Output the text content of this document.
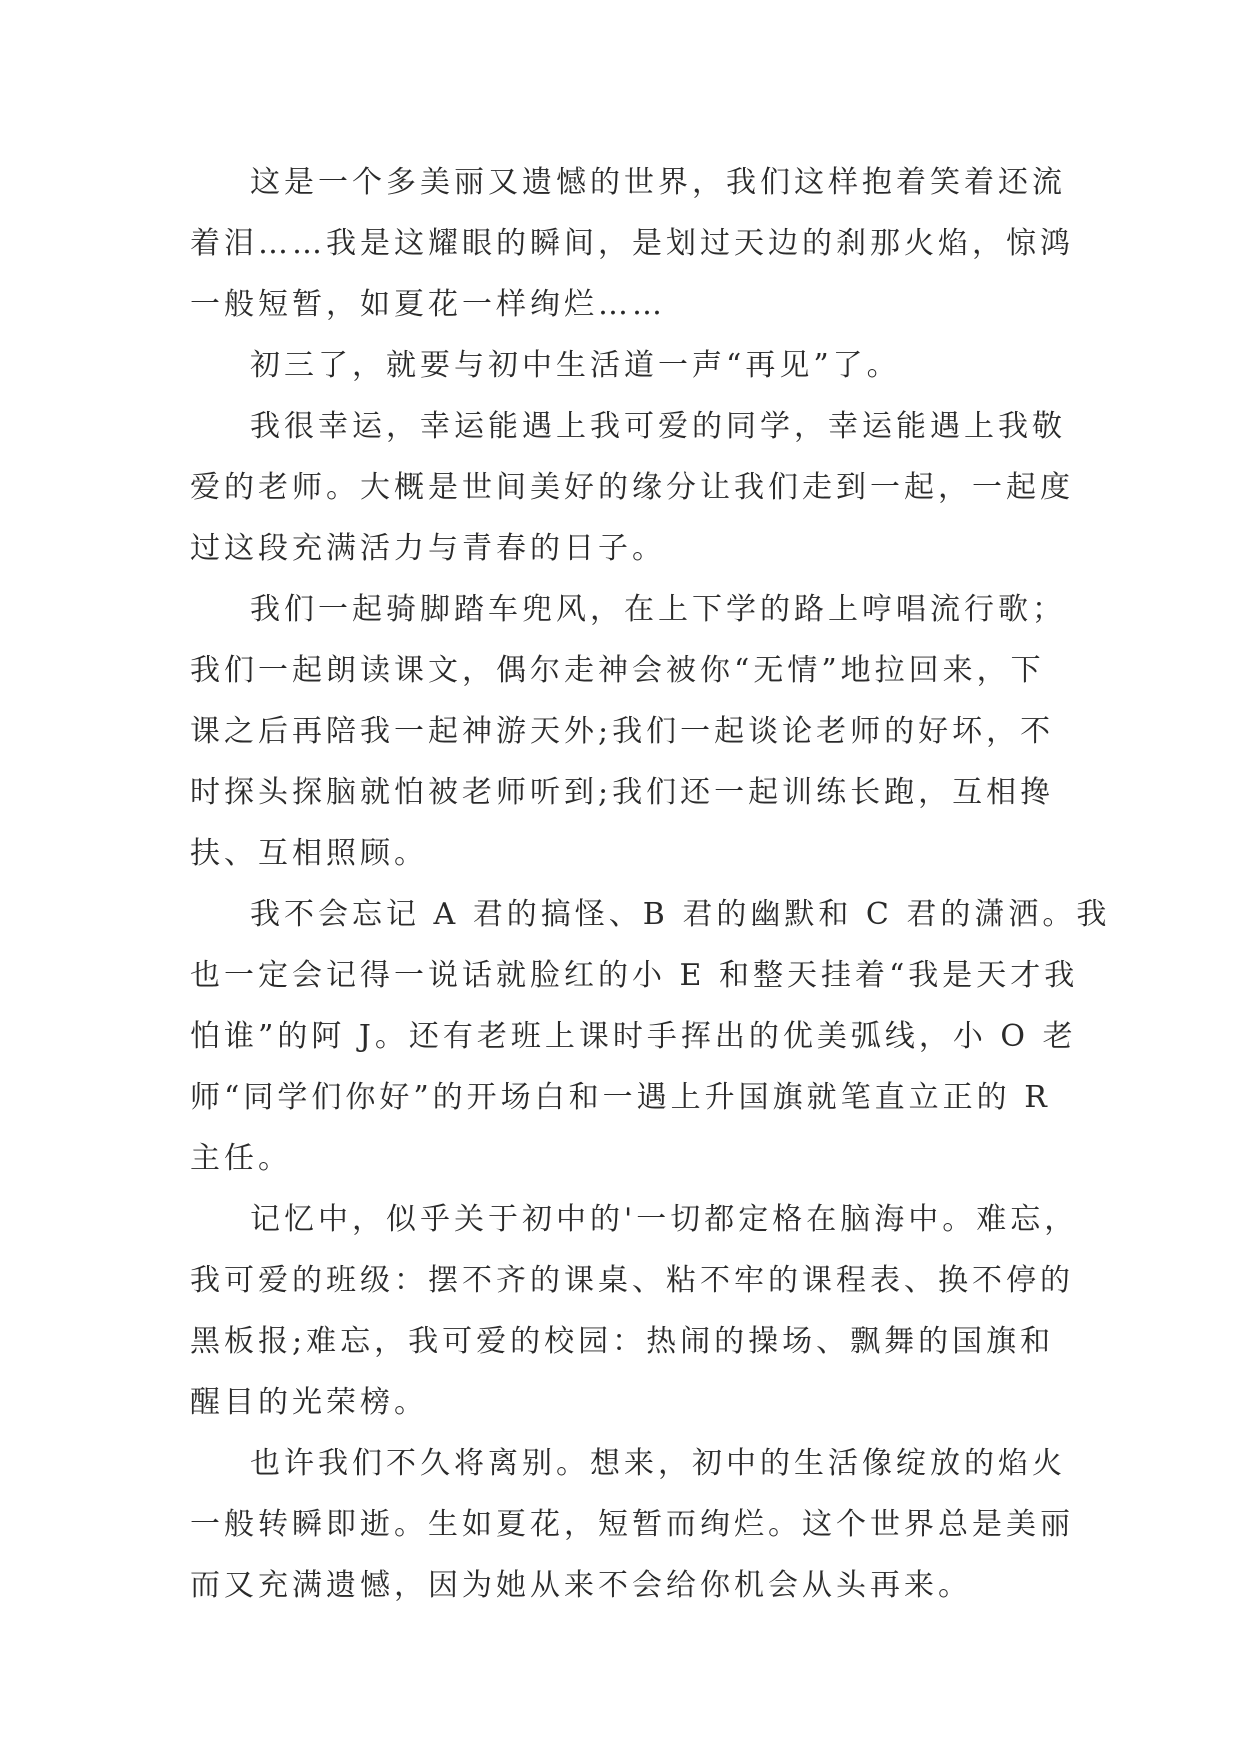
这是一个多美丽又遗憾的世界，我们这样抱着笑着还流
着泪……我是这耀眼的瞬间，是划过天边的刹那火焰，惊鸿
一般短暂，如夏花一样绚烂……

初三了，就要与初中生活道一声“再见”了。

我很幸运，幸运能遇上我可爱的同学，幸运能遇上我敬
爱的老师。大概是世间美好的缘分让我们走到一起，一起度
过这段充满活力与青春的日子。

我们一起骑脚踏车兜风，在上下学的路上哼唱流行歌；
我们一起朗读课文，偶尔走神会被你“无情”地拉回来，下
课之后再陪我一起神游天外;我们一起谈论老师的好坏，不
时探头探脑就怕被老师听到;我们还一起训练长跑，互相搀
扶、互相照顾。

我不会忘记 A 君的搞怪、B 君的幽默和 C 君的潇洒。我
也一定会记得一说话就脸红的小 E 和整天挂着“我是天才我
怕谁”的阿 J。还有老班上课时手挥出的优美弧线，小 O 老
师“同学们你好”的开场白和一遇上升国旗就笔直立正的 R
主任。

记忆中，似乎关于初中的'一切都定格在脑海中。难忘，
我可爱的班级：摆不齐的课桌、粘不牢的课程表、换不停的
黑板报;难忘，我可爱的校园：热闹的操场、飘舞的国旗和
醒目的光荣榜。

也许我们不久将离别。想来，初中的生活像绽放的焰火
一般转瞬即逝。生如夏花，短暂而绚烂。这个世界总是美丽
而又充满遗憾，因为她从来不会给你机会从头再来。
